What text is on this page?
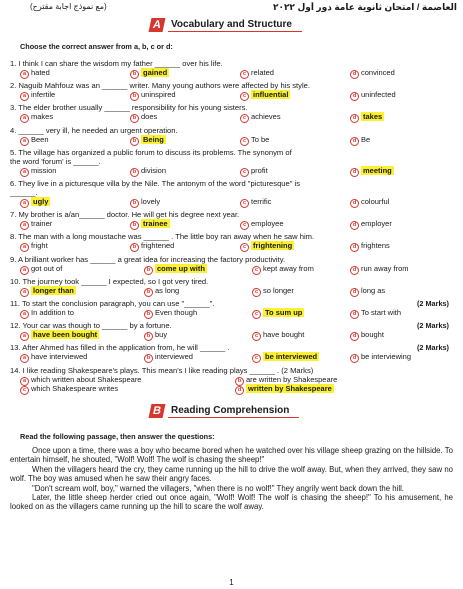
العاصمة / امتحان ثانوية عامة دور أول ٢٠٢٢
(مع نموذج اجابة مقترح)
A Vocabulary and Structure
Choose the correct answer from a, b, c or d:
1. I think I can share the wisdom my father ______ over his life.
a hated	b gained	c related	d convinced
2. Naguib Mahfouz was an ______ writer. Many young authors were affected by his style.
a infertile	b uninspired	c influential	d uninfected
3. The elder brother usually ______ responsibility for his young sisters.
a makes	b does	c achieves	d takes
4. ______ very ill, he needed an urgent operation.
a Been	b Being	c To be	d Be
5. The village has organized a public forum to discuss its problems. The synonym of
the word 'forum' is ______.
a mission	b division	c profit	d meeting
6. They live in a picturesque villa by the Nile. The antonym of the word "picturesque" is
______.
a ugly	b lovely	c terrific	d colourful
7. My brother is a/an______ doctor. He will get his degree next year.
a trainer	b trainee	c employee	d employer
8. The man with a long moustache was ______ . The little boy ran away when he saw him.
a fright	b frightened	c frightening	d frightens
9. A brilliant worker has ______ a great idea for increasing the factory productivity.
a got out of	b come up with	c kept away from	d run away from
10. The journey took ______ I expected, so I got very tired.
a longer than	b as long	c so longer	d long as
11. To start the conclusion paragraph, you can use "______".	(2 Marks)
a In addition to	b Even though	c To sum up	d To start with
12. Your car was though to ______ by a fortune.	(2 Marks)
a have been bought	b buy	c have bought	d bought
13. After Ahmed has filled in the application from, he will ______ .	(2 Marks)
a have interviewed	b interviewed	c be interviewed	d be interviewing
14. I like reading Shakespeare's plays. This mean's I like reading plays ______ . (2 Marks)
a which written about Shakespeare	b are written by Shakespeare
c which Shakespeare writes	d written by Shakespeare
B Reading Comprehension
Read the following passage, then answer the questions:

Once upon a time, there was a boy who became bored when he watched over his village sheep grazing on the hillside. To entertain himself, he shouted, "Wolf! Wolf! The wolf is chasing the sheep!"

When the villagers heard the cry, they came running up the hill to drive the wolf away. But, when they arrived, they saw no wolf. The boy was amused when he saw their angry faces.

"Don't scream wolf, boy," warned the villagers, "when there is no wolf!" They angrily went back down the hill.

Later, the little sheep herder cried out once again, "Wolf! Wolf! The wolf is chasing the sheep!" To his amusement, he looked on as the villagers came running up the hill to scare the wolf away.

1
